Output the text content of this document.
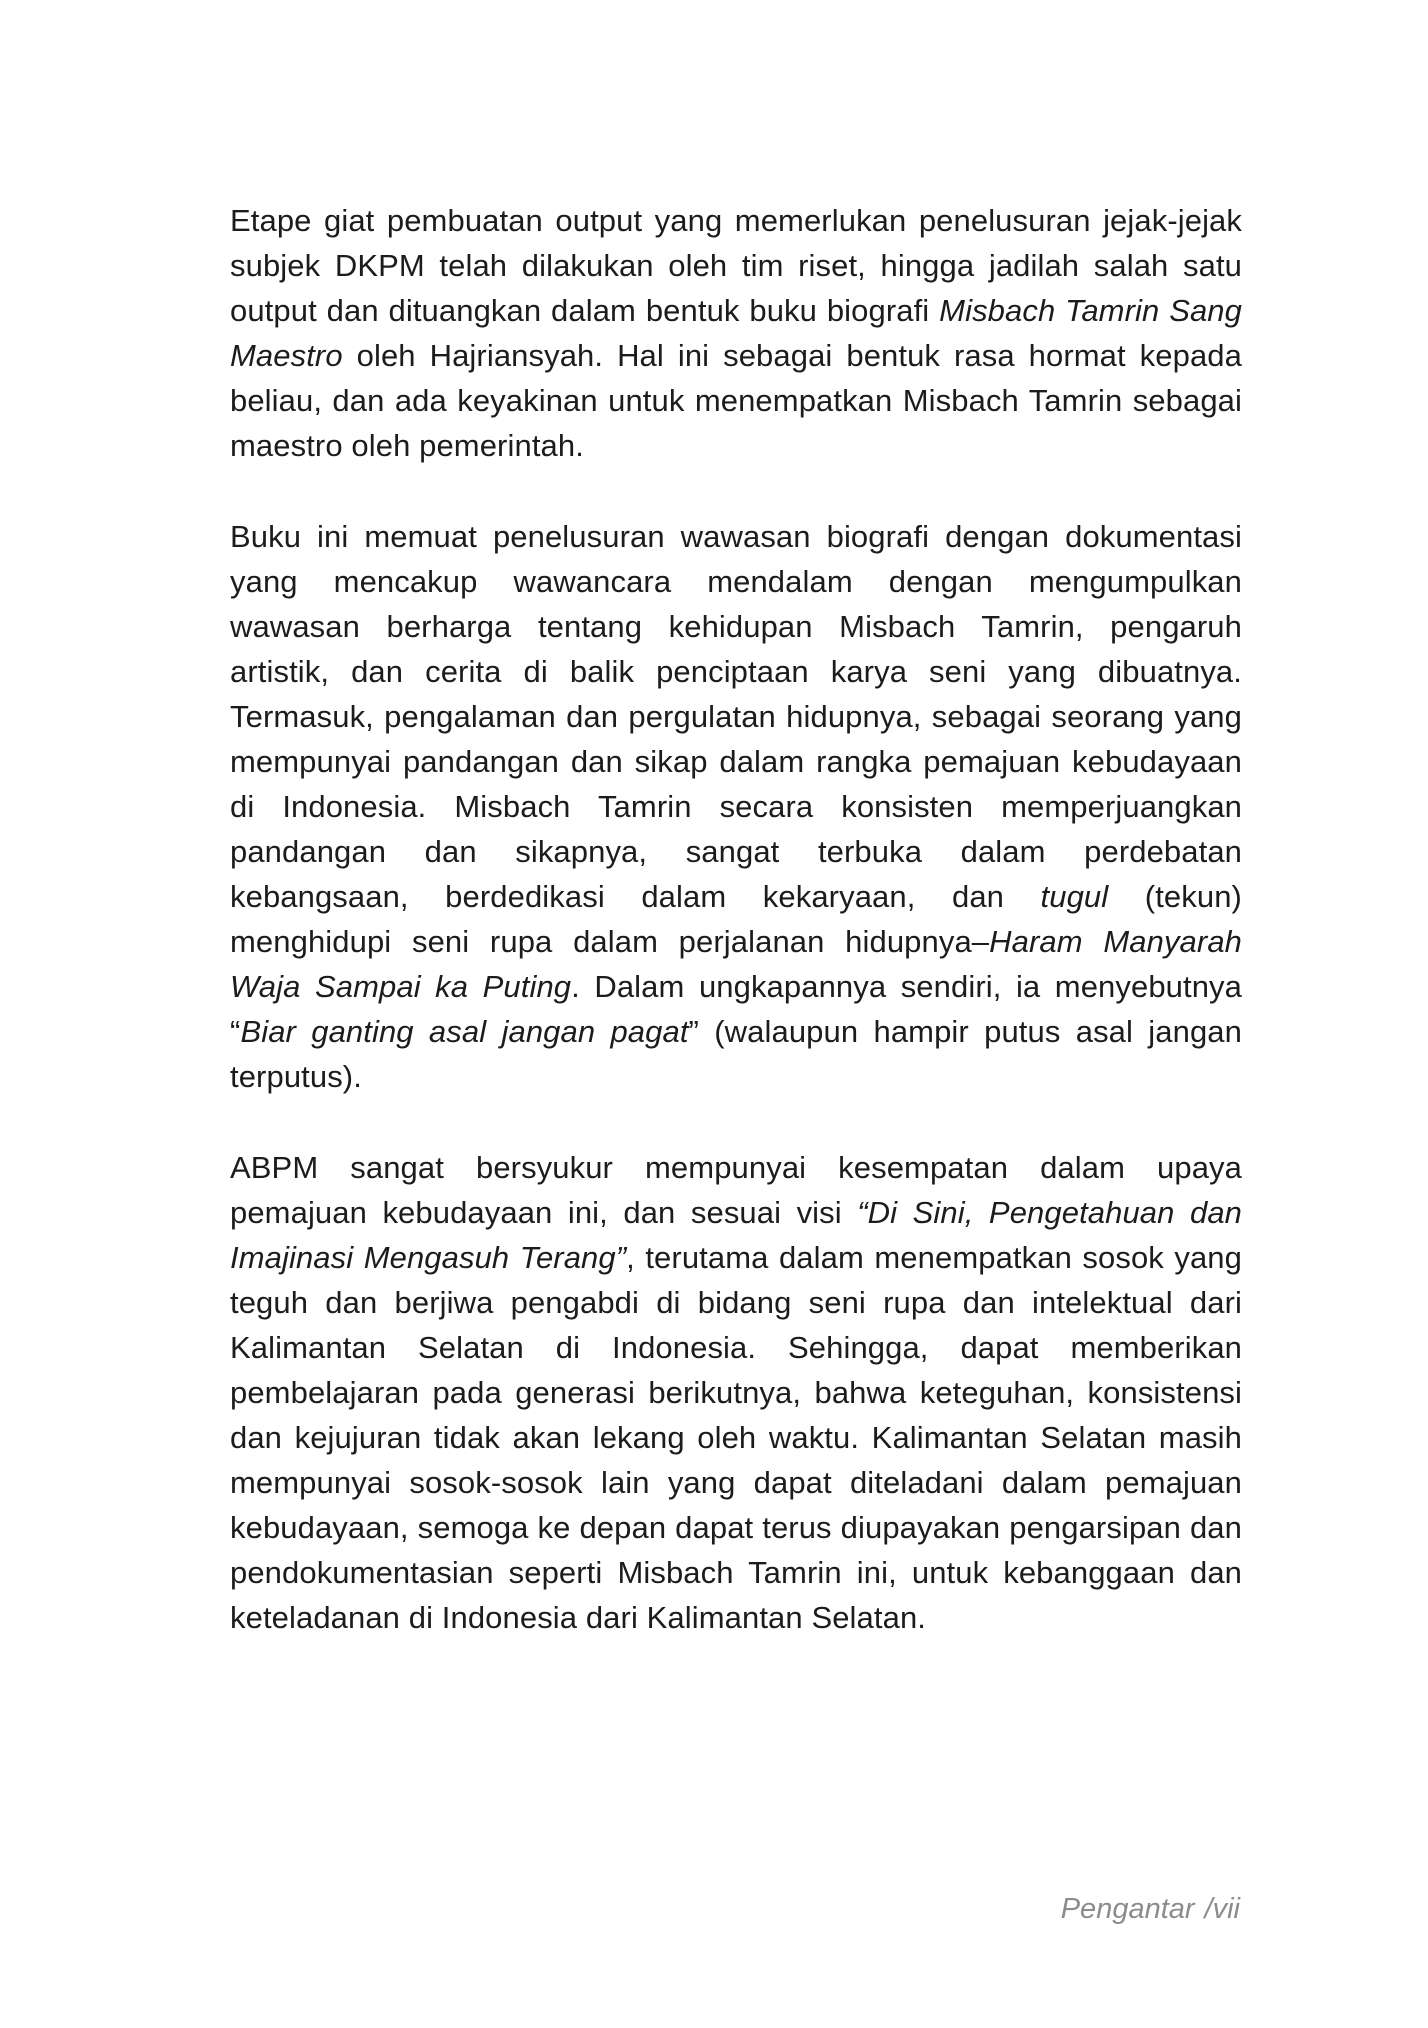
Etape giat pembuatan output yang memerlukan penelusuran jejak-jejak subjek DKPM telah dilakukan oleh tim riset, hingga jadilah salah satu output dan dituangkan dalam bentuk buku biografi Misbach Tamrin Sang Maestro oleh Hajriansyah. Hal ini sebagai bentuk rasa hormat kepada beliau, dan ada keyakinan untuk menempatkan Misbach Tamrin sebagai maestro oleh pemerintah.

Buku ini memuat penelusuran wawasan biografi dengan dokumentasi yang mencakup wawancara mendalam dengan mengumpulkan wawasan berharga tentang kehidupan Misbach Tamrin, pengaruh artistik, dan cerita di balik penciptaan karya seni yang dibuatnya. Termasuk, pengalaman dan pergulatan hidupnya, sebagai seorang yang mempunyai pandangan dan sikap dalam rangka pemajuan kebudayaan di Indonesia. Misbach Tamrin secara konsisten memperjuangkan pandangan dan sikapnya, sangat terbuka dalam perdebatan kebangsaan, berdedikasi dalam kekaryaan, dan tugul (tekun) menghidupi seni rupa dalam perjalanan hidupnya–Haram Manyarah Waja Sampai ka Puting. Dalam ungkapannya sendiri, ia menyebutnya “Biar ganting asal jangan pagat” (walaupun hampir putus asal jangan terputus).

ABPM sangat bersyukur mempunyai kesempatan dalam upaya pemajuan kebudayaan ini, dan sesuai visi “Di Sini, Pengetahuan dan Imajinasi Mengasuh Terang”, terutama dalam menempatkan sosok yang teguh dan berjiwa pengabdi di bidang seni rupa dan intelektual dari Kalimantan Selatan di Indonesia. Sehingga, dapat memberikan pembelajaran pada generasi berikutnya, bahwa keteguhan, konsistensi dan kejujuran tidak akan lekang oleh waktu. Kalimantan Selatan masih mempunyai sosok-sosok lain yang dapat diteladani dalam pemajuan kebudayaan, semoga ke depan dapat terus diupayakan pengarsipan dan pendokumentasian seperti Misbach Tamrin ini, untuk kebanggaan dan keteladanan di Indonesia dari Kalimantan Selatan.

Pengantar /vii
